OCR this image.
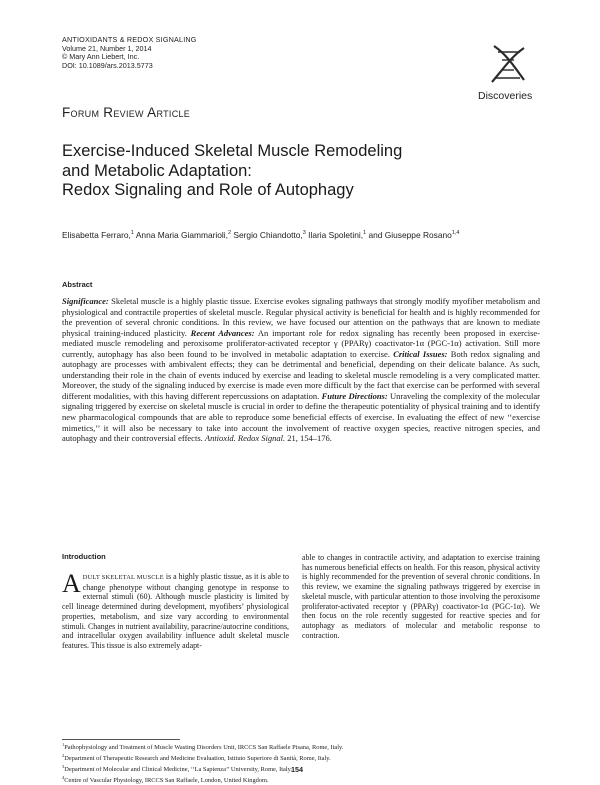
ANTIOXIDANTS & REDOX SIGNALING
Volume 21, Number 1, 2014
© Mary Ann Liebert, Inc.
DOI: 10.1089/ars.2013.5773
Discoveries
Forum Review Article
Exercise-Induced Skeletal Muscle Remodeling
and Metabolic Adaptation:
Redox Signaling and Role of Autophagy
Elisabetta Ferraro,$^1$ Anna Maria Giammarioli,$^2$ Sergio Chiandotto,$^3$ Ilaria Spoletini,$^1$ and Giuseppe Rosano$^{1,4}$
Abstract
Significance: Skeletal muscle is a highly plastic tissue. Exercise evokes signaling pathways that strongly modify myofiber metabolism and physiological and contractile properties of skeletal muscle. Regular physical activity is beneficial for health and is highly recommended for the prevention of several chronic conditions. In this review, we have focused our attention on the pathways that are known to mediate physical training-induced plasticity. Recent Advances: An important role for redox signaling has recently been proposed in exercise-mediated muscle remodeling and peroxisome proliferator-activated receptor γ (PPARγ) coactivator-1α (PGC-1α) activation. Still more currently, autophagy has also been found to be involved in metabolic adaptation to exercise. Critical Issues: Both redox signaling and autophagy are processes with ambivalent effects; they can be detrimental and beneficial, depending on their delicate balance. As such, understanding their role in the chain of events induced by exercise and leading to skeletal muscle remodeling is a very complicated matter. Moreover, the study of the signaling induced by exercise is made even more difficult by the fact that exercise can be performed with several different modalities, with this having different repercussions on adaptation. Future Directions: Unraveling the complexity of the molecular signaling triggered by exercise on skeletal muscle is crucial in order to define the therapeutic potentiality of physical training and to identify new pharmacological compounds that are able to reproduce some beneficial effects of exercise. In evaluating the effect of new ‘‘exercise mimetics,’’ it will also be necessary to take into account the involvement of reactive oxygen species, reactive nitrogen species, and autophagy and their controversial effects. Antioxid. Redox Signal. 21, 154–176.
Introduction
A DULT SKELETAL MUSCLE is a highly plastic tissue, as it is able to change phenotype without changing genotype in response to external stimuli (60). Although muscle plasticity is limited by cell lineage determined during development, myofibers’ physiological properties, metabolism, and size vary according to environmental stimuli. Changes in nutrient availability, paracrine/autocrine conditions, and intracellular oxygen availability influence adult skeletal muscle features. This tissue is also extremely adapt-
able to changes in contractile activity, and adaptation to exercise training has numerous beneficial effects on health. For this reason, physical activity is highly recommended for the prevention of several chronic conditions. In this review, we examine the signaling pathways triggered by exercise in skeletal muscle, with particular attention to those involving the peroxisome proliferator-activated receptor γ (PPARγ) coactivator-1α (PGC-1α). We then focus on the role recently suggested for reactive species and for autophagy as mediators of molecular and metabolic response to contraction.
$^1$Pathophysiology and Treatment of Muscle Wasting Disorders Unit, IRCCS San Raffaele Pisana, Rome, Italy.
$^2$Department of Therapeutic Research and Medicine Evaluation, Istituto Superiore di Sanità, Rome, Italy.
$^3$Department of Molecular and Clinical Medicine, ‘‘La Sapienza’’ University, Rome, Italy.
$^4$Centre of Vascular Physiology, IRCCS San Raffaele, London, United Kingdom.
154
